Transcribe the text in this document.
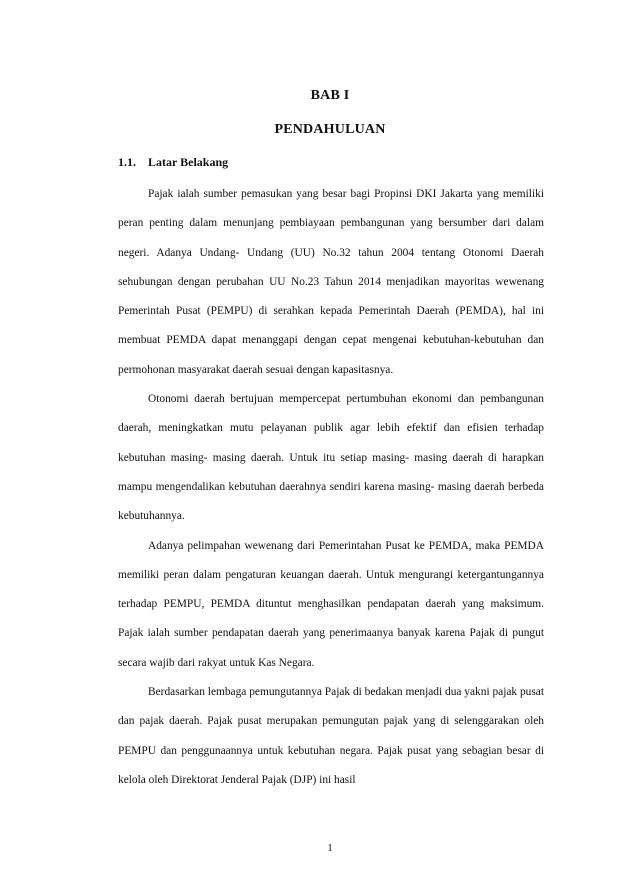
BAB I
PENDAHULUAN
1.1. Latar Belakang

Pajak ialah sumber pemasukan yang besar bagi Propinsi DKI Jakarta yang memiliki peran penting dalam menunjang pembiayaan pembangunan yang bersumber dari dalam negeri. Adanya Undang- Undang (UU) No.32 tahun 2004 tentang Otonomi Daerah sehubungan dengan perubahan UU No.23 Tahun 2014 menjadikan mayoritas wewenang Pemerintah Pusat (PEMPU) di serahkan kepada Pemerintah Daerah (PEMDA), hal ini membuat PEMDA dapat menanggapi dengan cepat mengenai kebutuhan-kebutuhan dan permohonan masyarakat daerah sesuai dengan kapasitasnya.

Otonomi daerah bertujuan mempercepat pertumbuhan ekonomi dan pembangunan daerah, meningkatkan mutu pelayanan publik agar lebih efektif dan efisien terhadap kebutuhan masing- masing daerah. Untuk itu setiap masing- masing daerah di harapkan mampu mengendalikan kebutuhan daerahnya sendiri karena masing- masing daerah berbeda kebutuhannya.

Adanya pelimpahan wewenang dari Pemerintahan Pusat ke PEMDA, maka PEMDA memiliki peran dalam pengaturan keuangan daerah. Untuk mengurangi ketergantungannya terhadap PEMPU, PEMDA dituntut menghasilkan pendapatan daerah yang maksimum. Pajak ialah sumber pendapatan daerah yang penerimaanya banyak karena Pajak di pungut secara wajib dari rakyat untuk Kas Negara.

Berdasarkan lembaga pemungutannya Pajak di bedakan menjadi dua yakni pajak pusat dan pajak daerah. Pajak pusat merupakan pemungutan pajak yang di selenggarakan oleh PEMPU dan penggunaannya untuk kebutuhan negara. Pajak pusat yang sebagian besar di kelola oleh Direktorat Jenderal Pajak (DJP) ini hasil

1
